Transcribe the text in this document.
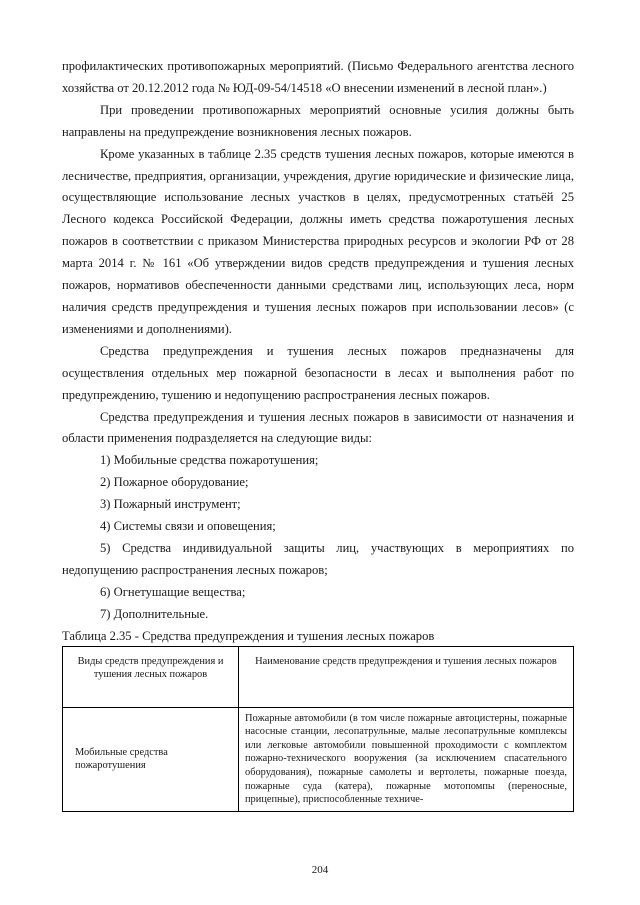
профилактических противопожарных мероприятий. (Письмо Федерального агентства лесного хозяйства от 20.12.2012 года № ЮД-09-54/14518 «О внесении изменений в лесной план».)

При проведении противопожарных мероприятий основные усилия должны быть направлены на предупреждение возникновения лесных пожаров.

Кроме указанных в таблице 2.35 средств тушения лесных пожаров, которые имеются в лесничестве, предприятия, организации, учреждения, другие юридические и физические лица, осуществляющие использование лесных участков в целях, предусмотренных статьёй 25 Лесного кодекса Российской Федерации, должны иметь средства пожаротушения лесных пожаров в соответствии с приказом Министерства природных ресурсов и экологии РФ от 28 марта 2014 г. № 161 «Об утверждении видов средств предупреждения и тушения лесных пожаров, нормативов обеспеченности данными средствами лиц, использующих леса, норм наличия средств предупреждения и тушения лесных пожаров при использовании лесов» (с изменениями и дополнениями).

Средства предупреждения и тушения лесных пожаров предназначены для осуществления отдельных мер пожарной безопасности в лесах и выполнения работ по предупреждению, тушению и недопущению распространения лесных пожаров.

Средства предупреждения и тушения лесных пожаров в зависимости от назначения и области применения подразделяется на следующие виды:

1) Мобильные средства пожаротушения;

2) Пожарное оборудование;

3) Пожарный инструмент;

4) Системы связи и оповещения;

5) Средства индивидуальной защиты лиц, участвующих в мероприятиях по недопущению распространения лесных пожаров;

6) Огнетушащие вещества;

7) Дополнительные.

Таблица 2.35 - Средства предупреждения и тушения лесных пожаров

Виды средств предупреждения и тушения лесных пожаров	Наименование средств предупреждения и тушения лесных пожаров
Мобильные средства пожаротушения	Пожарные автомобили (в том числе пожарные автоцистерны, пожарные насосные станции, лесопатрульные, малые лесопатрульные комплексы или легковые автомобили повышенной проходимости с комплектом пожарно-технического вооружения (за исключением спасательного оборудования), пожарные самолеты и вертолеты, пожарные поезда, пожарные суда (катера), пожарные мотопомпы (переносные, прицепные), приспособленные техниче-
204
